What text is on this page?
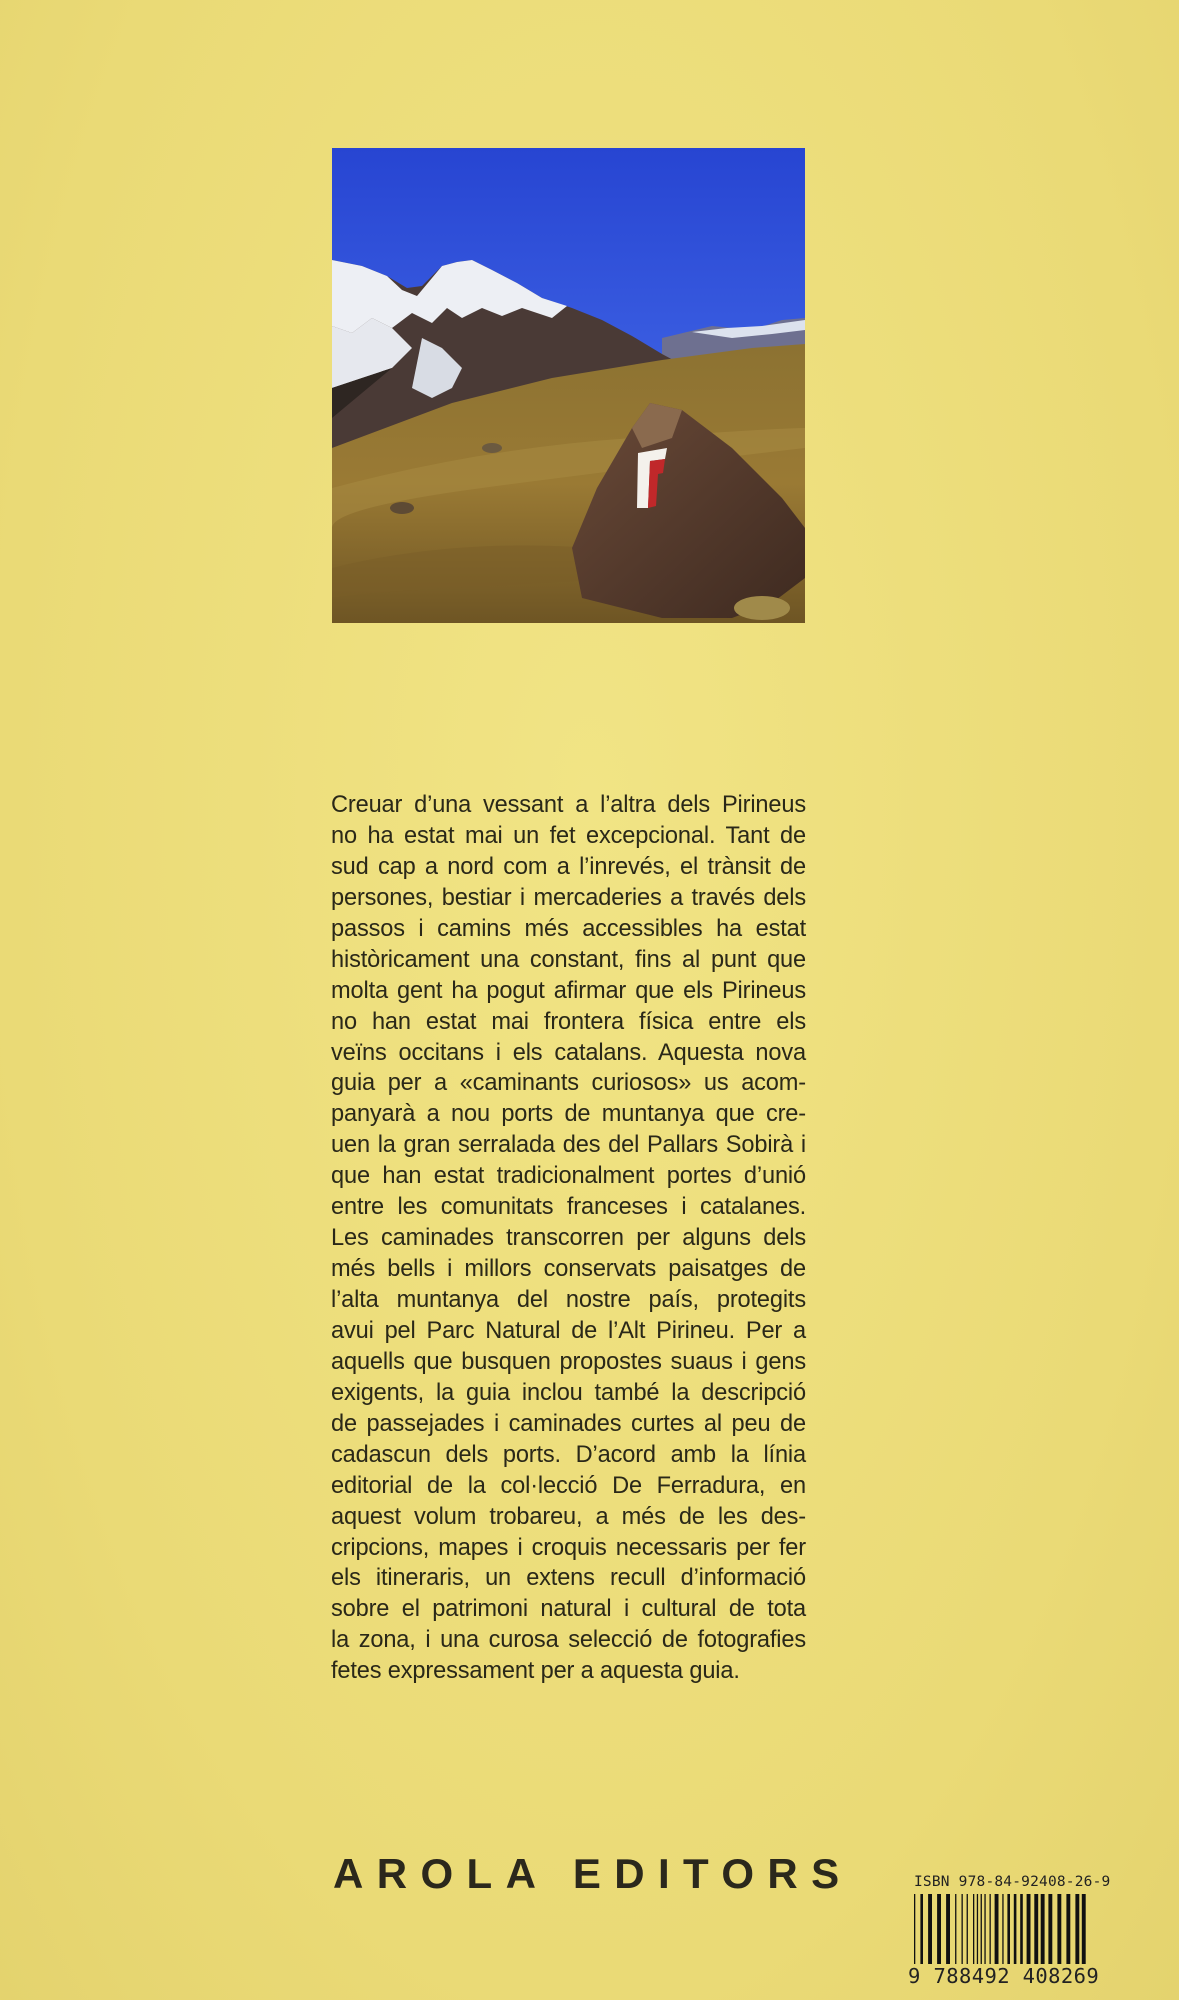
Creuar d’una vessant a l’altra dels Pirineus
no ha estat mai un fet excepcional. Tant de
sud cap a nord com a l’inrevés, el trànsit de
persones, bestiar i mercaderies a través dels
passos i camins més accessibles ha estat
històricament una constant, fins al punt que
molta gent ha pogut afirmar que els Pirineus
no han estat mai frontera física entre els
veïns occitans i els catalans. Aquesta nova
guia per a «caminants curiosos» us acom-
panyarà a nou ports de muntanya que cre-
uen la gran serralada des del Pallars Sobirà i
que han estat tradicionalment portes d’unió
entre les comunitats franceses i catalanes.
Les caminades transcorren per alguns dels
més bells i millors conservats paisatges de
l’alta muntanya del nostre país, protegits
avui pel Parc Natural de l’Alt Pirineu. Per a
aquells que busquen propostes suaus i gens
exigents, la guia inclou també la descripció
de passejades i caminades curtes al peu de
cadascun dels ports. D’acord amb la línia
editorial de la col·lecció De Ferradura, en
aquest volum trobareu, a més de les des-
cripcions, mapes i croquis necessaris per fer
els itineraris, un extens recull d’informació
sobre el patrimoni natural i cultural de tota
la zona, i una curosa selecció de fotografies
fetes expressament per a aquesta guia.
AROLA EDITORS	ISBN 978-84-92408-26-9
9 788492 408269
